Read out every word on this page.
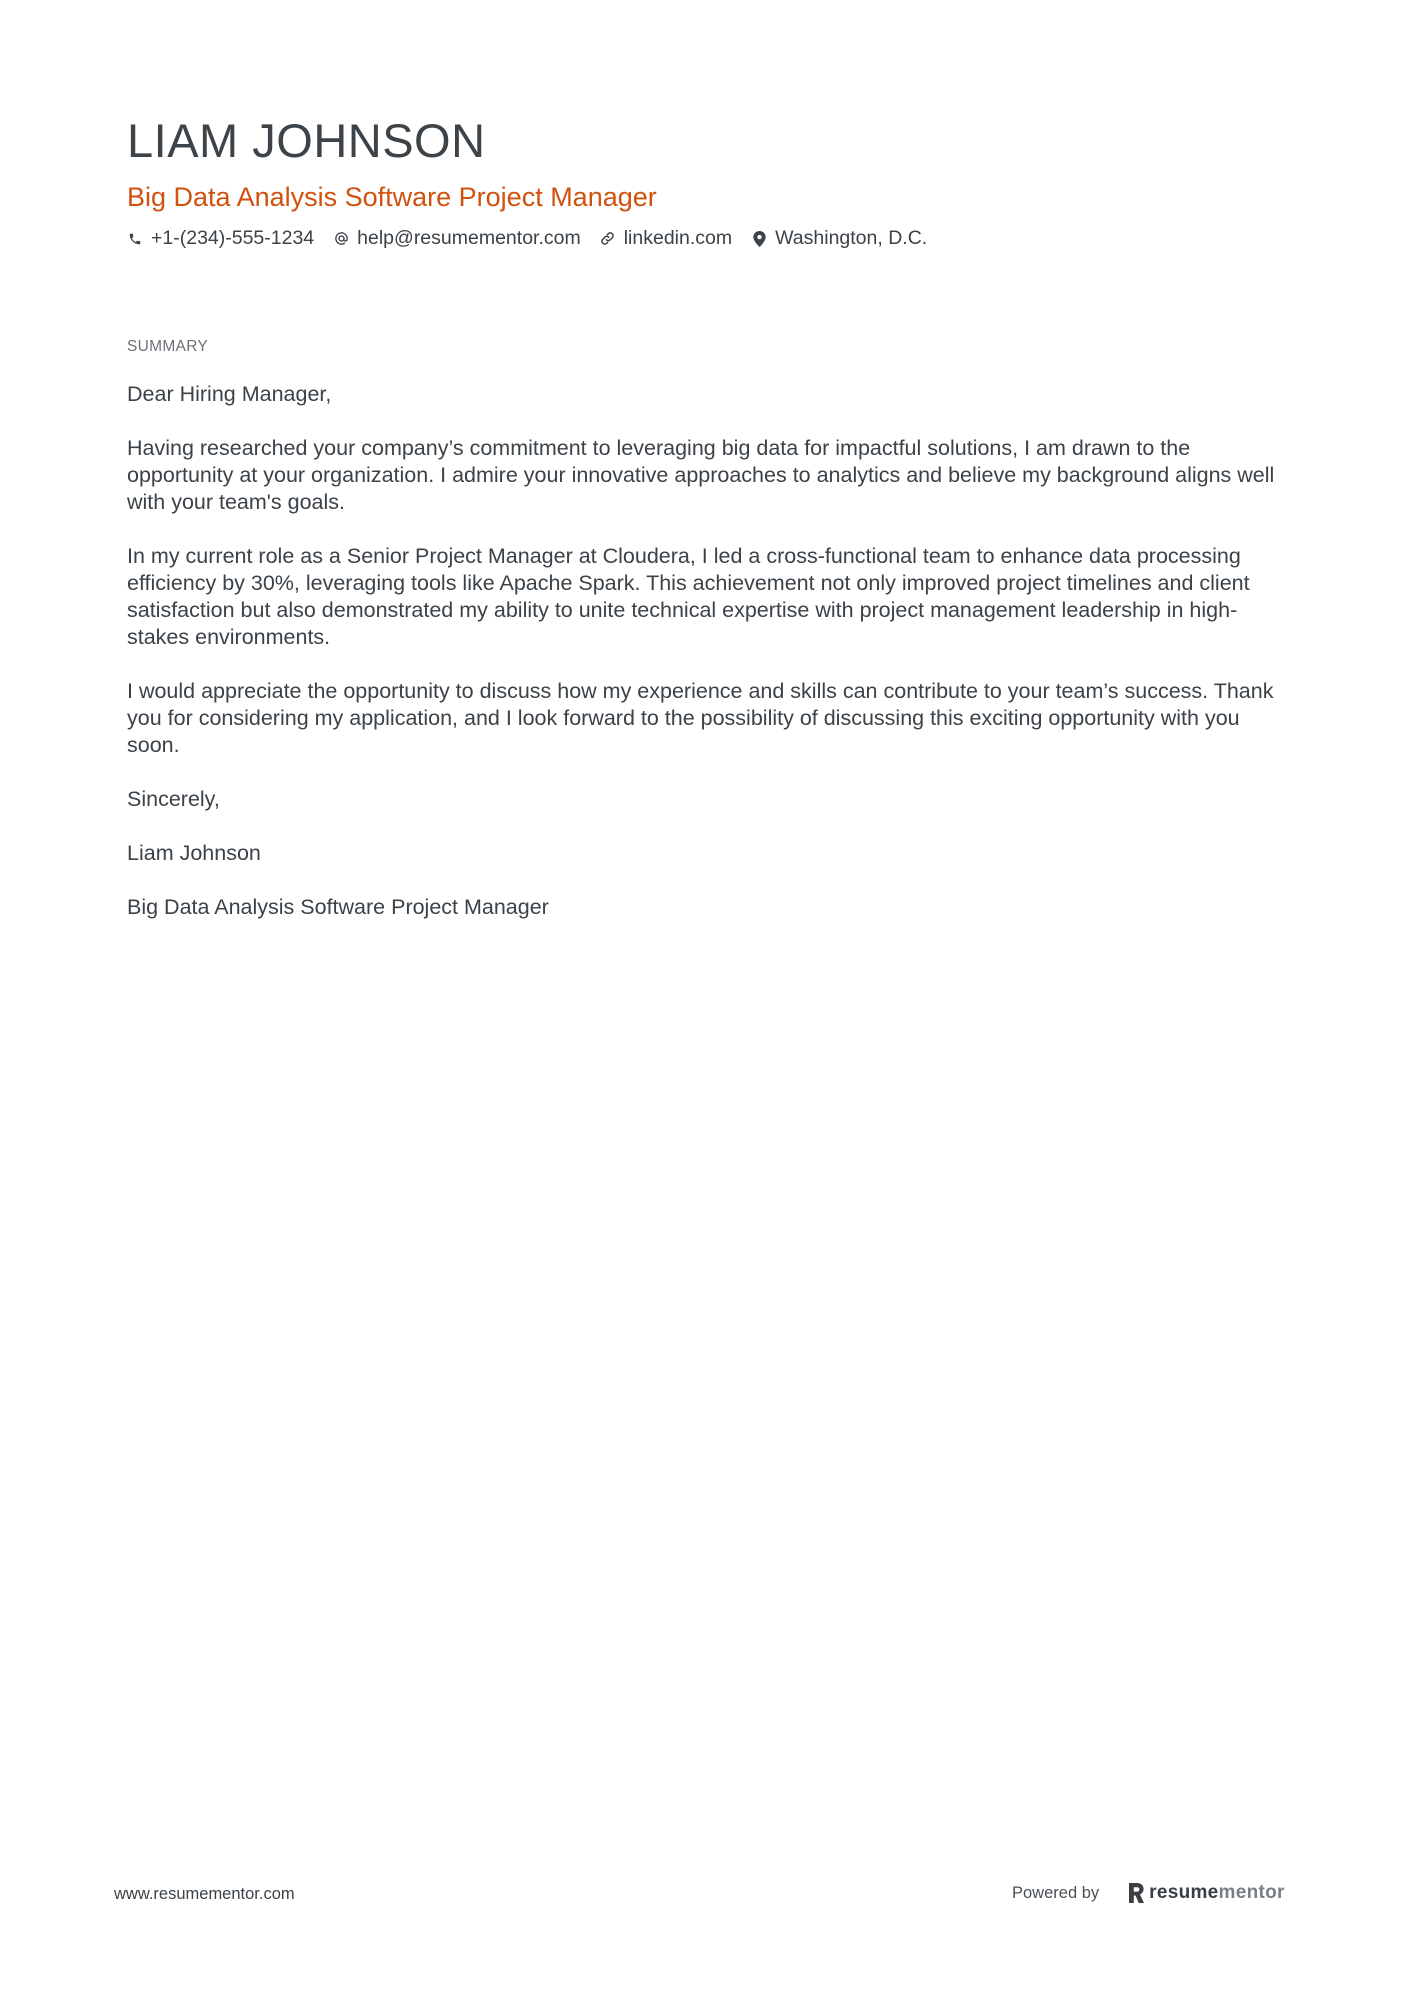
LIAM JOHNSON
Big Data Analysis Software Project Manager
+1-(234)-555-1234 help@resumementor.com linkedin.com Washington, D.C.
SUMMARY

Dear Hiring Manager,

Having researched your company’s commitment to leveraging big data for impactful solutions, I am drawn to the opportunity at your organization. I admire your innovative approaches to analytics and believe my background aligns well with your team's goals.

In my current role as a Senior Project Manager at Cloudera, I led a cross-functional team to enhance data processing efficiency by 30%, leveraging tools like Apache Spark. This achievement not only improved project timelines and client satisfaction but also demonstrated my ability to unite technical expertise with project management leadership in high-stakes environments.

I would appreciate the opportunity to discuss how my experience and skills can contribute to your team’s success. Thank you for considering my application, and I look forward to the possibility of discussing this exciting opportunity with you soon.

Sincerely,

Liam Johnson

Big Data Analysis Software Project Manager

www.resumementor.com	Powered by	resume mentor
